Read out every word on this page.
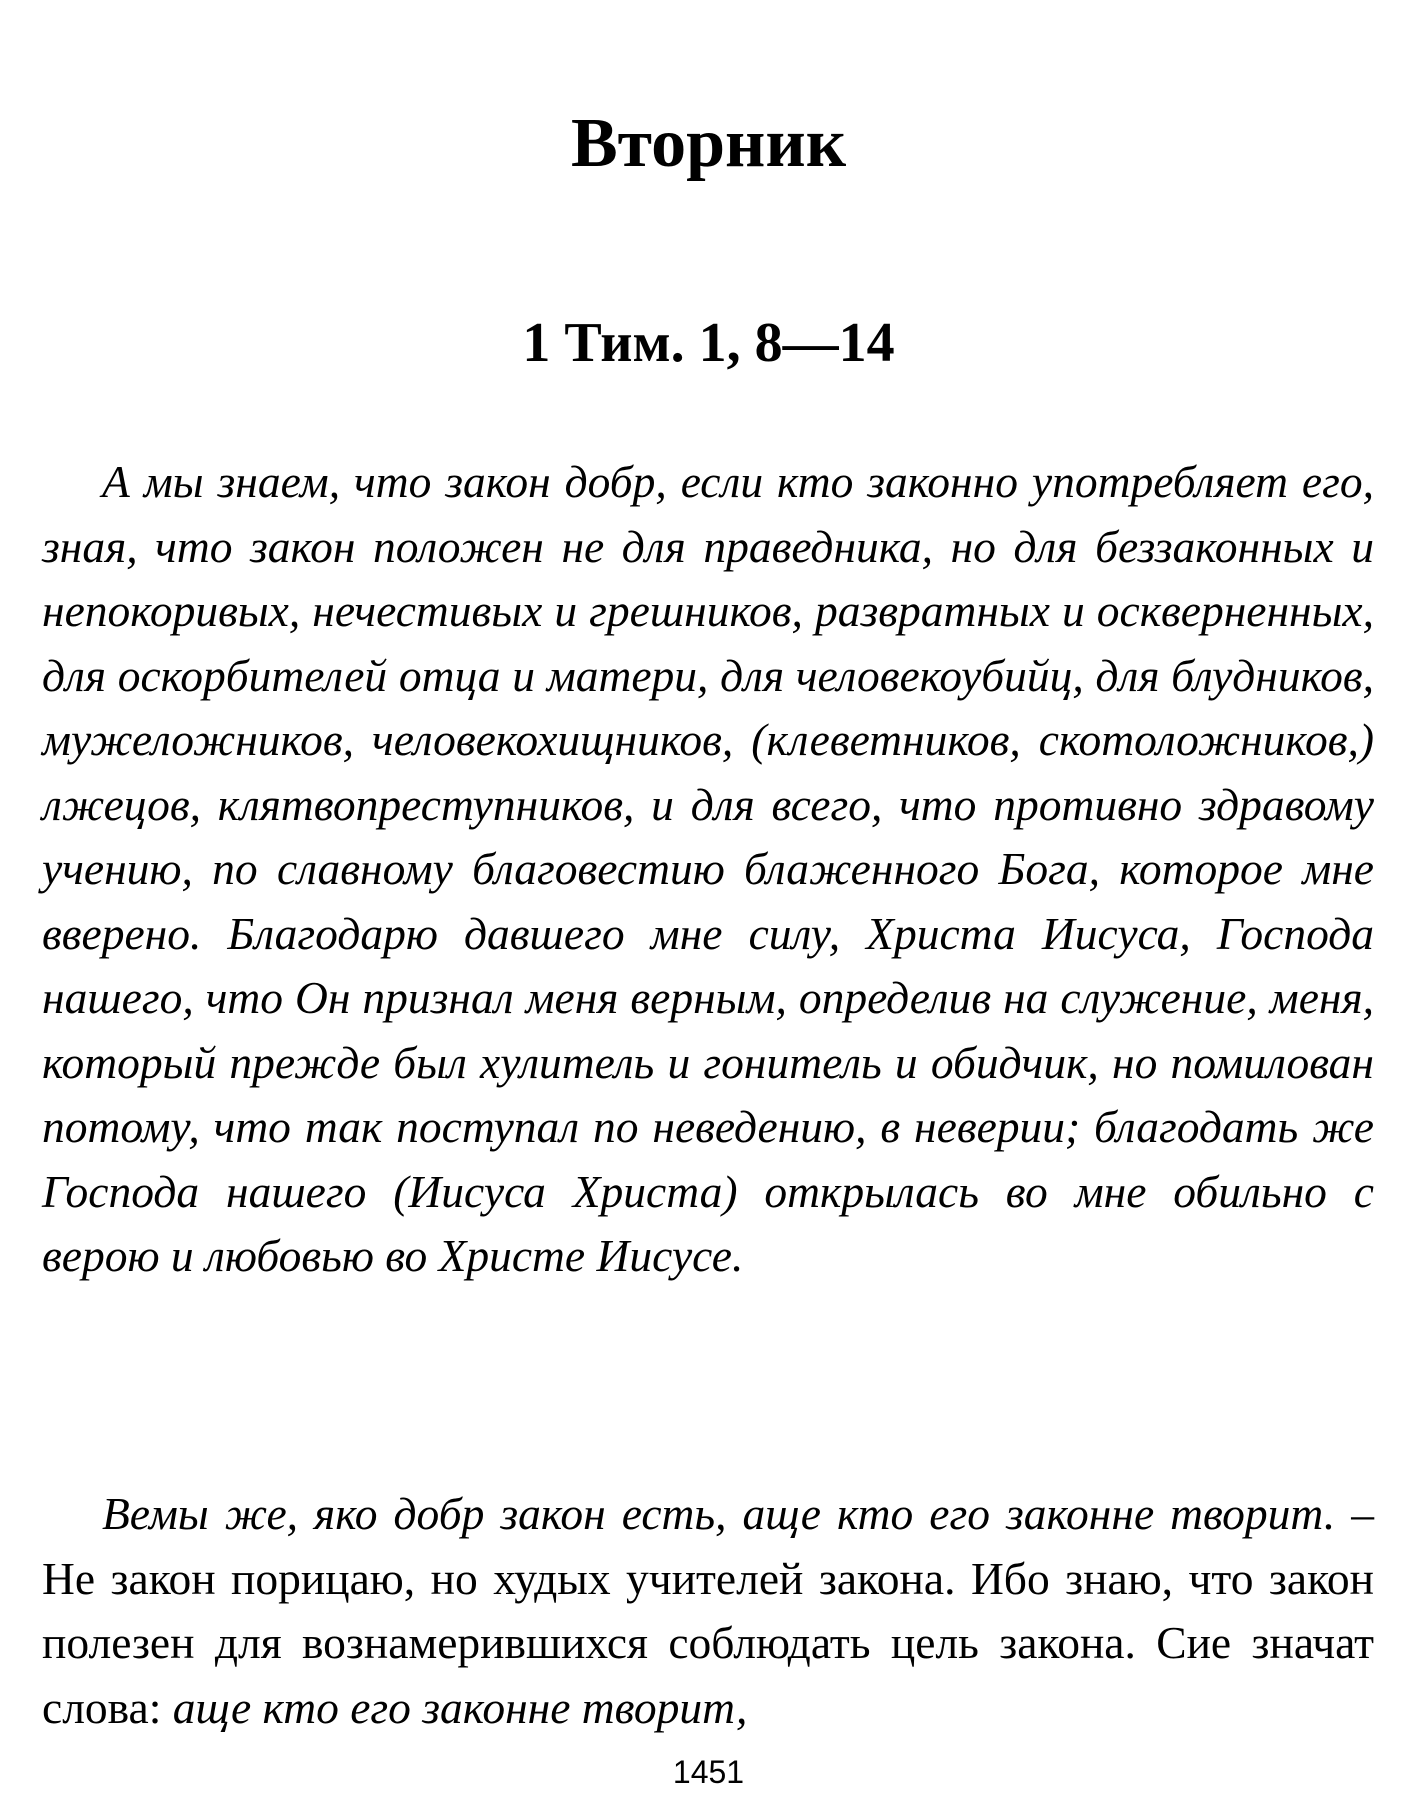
Вторник
1 Тим. 1, 8—14

А мы знаем, что закон добр, если кто законно употребляет его, зная, что закон положен не для праведника, но для беззаконных и непокоривых, нечестивых и грешников, развратных и оскверненных, для оскорбителей отца и матери, для человекоубийц, для блудников, мужеложников, человекохищников, (клеветников, скотоложников,) лжецов, клятвопреступников, и для всего, что противно здравому учению, по славному благовестию блаженного Бога, которое мне вверено. Благодарю давшего мне силу, Христа Иисуса, Господа нашего, что Он признал меня верным, определив на служение, меня, который прежде был хулитель и гонитель и обидчик, но помилован потому, что так поступал по неведению, в неверии; благодать же Господа нашего (Иисуса Христа) открылась во мне обильно с верою и любовью во Христе Иисусе.

Вемы же, яко добр закон есть, аще кто его законне творит. – Не закон порицаю, но худых учителей закона. Ибо знаю, что закон полезен для вознамерившихся соблюдать цель закона. Сие значат слова: аще кто его законне творит,

1451
